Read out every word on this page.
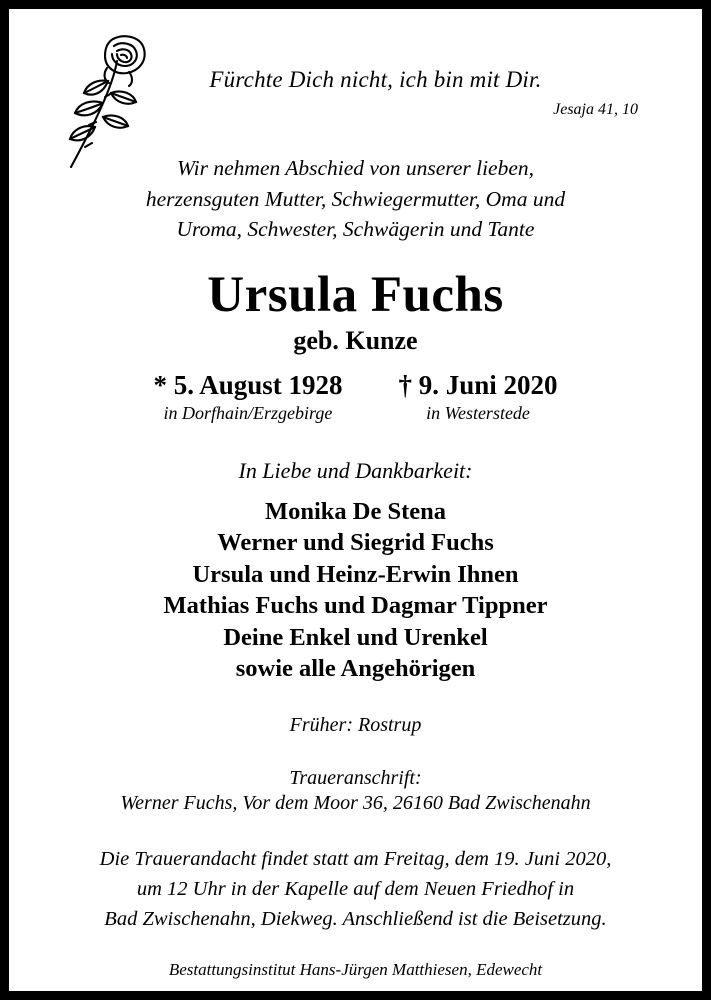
Fürchte Dich nicht, ich bin mit Dir.
Jesaja 41, 10
Wir nehmen Abschied von unserer lieben,
herzensguten Mutter, Schwiegermutter, Oma und
Uroma, Schwester, Schwägerin und Tante
Ursula Fuchs
geb. Kunze
* 5. August 1928
in Dorfhain/Erzgebirge
† 9. Juni 2020
in Westerstede
In Liebe und Dankbarkeit:
Monika De Stena
Werner und Siegrid Fuchs
Ursula und Heinz-Erwin Ihnen
Mathias Fuchs und Dagmar Tippner
Deine Enkel und Urenkel
sowie alle Angehörigen
Früher: Rostrup
Traueranschrift:
Werner Fuchs, Vor dem Moor 36, 26160 Bad Zwischenahn
Die Trauerandacht findet statt am Freitag, dem 19. Juni 2020,
um 12 Uhr in der Kapelle auf dem Neuen Friedhof in
Bad Zwischenahn, Diekweg. Anschließend ist die Beisetzung.
Bestattungsinstitut Hans-Jürgen Matthiesen, Edewecht
